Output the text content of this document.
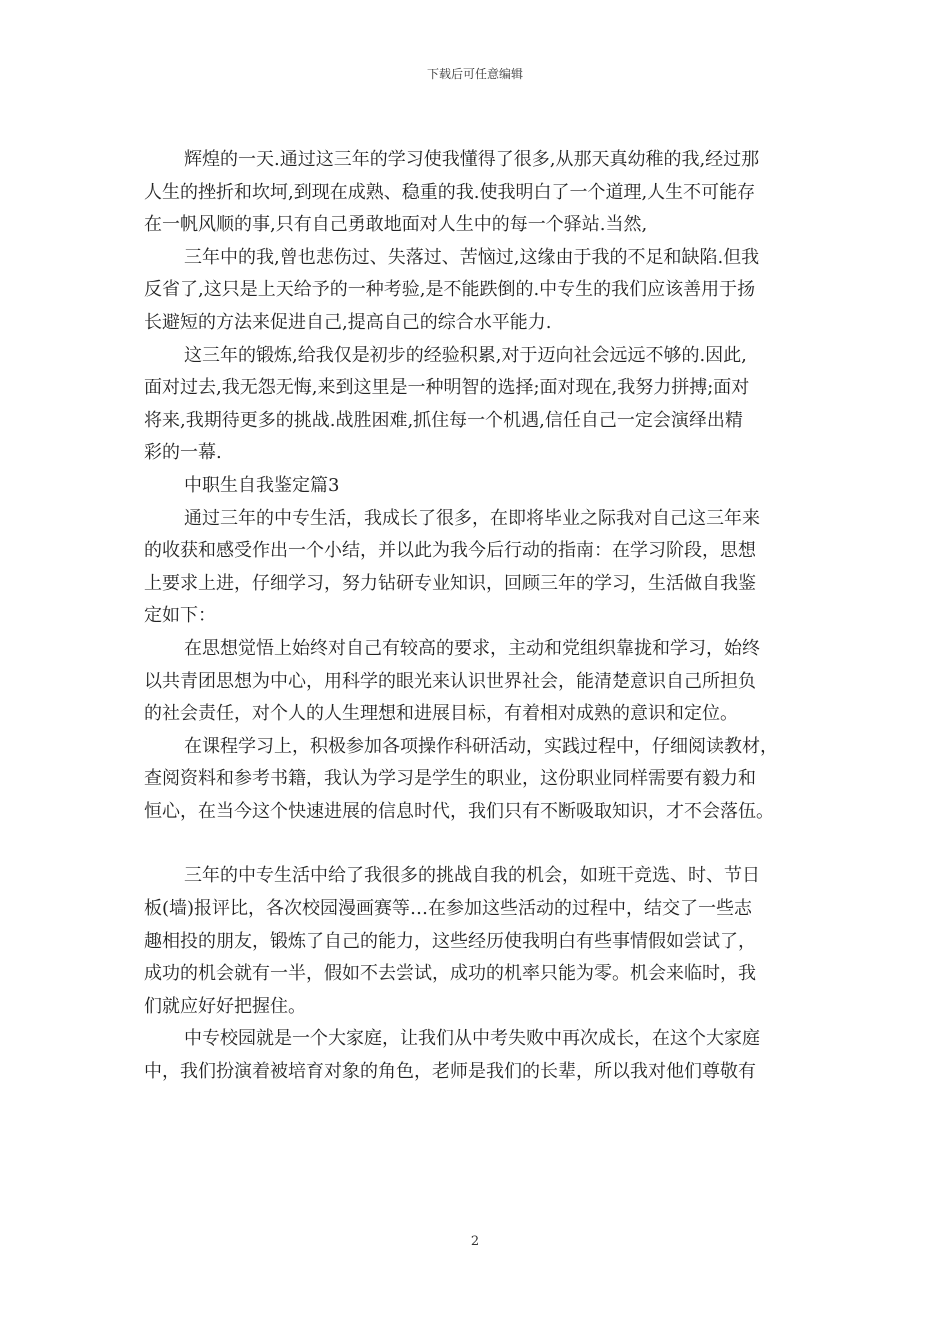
下载后可任意编辑

辉煌的一天.通过这三年的学习使我懂得了很多,从那天真幼稚的我,经过那
人生的挫折和坎坷,到现在成熟、稳重的我.使我明白了一个道理,人生不可能存
在一帆风顺的事,只有自己勇敢地面对人生中的每一个驿站.当然,

三年中的我,曾也悲伤过、失落过、苦恼过,这缘由于我的不足和缺陷.但我
反省了,这只是上天给予的一种考验,是不能跌倒的.中专生的我们应该善用于扬
长避短的方法来促进自己,提高自己的综合水平能力.

这三年的锻炼,给我仅是初步的经验积累,对于迈向社会远远不够的.因此,
面对过去,我无怨无悔,来到这里是一种明智的选择;面对现在,我努力拼搏;面对
将来,我期待更多的挑战.战胜困难,抓住每一个机遇,信任自己一定会演绎出精
彩的一幕.

中职生自我鉴定篇3

通过三年的中专生活，我成长了很多，在即将毕业之际我对自己这三年来
的收获和感受作出一个小结，并以此为我今后行动的指南：在学习阶段，思想
上要求上进，仔细学习，努力钻研专业知识，回顾三年的学习，生活做自我鉴
定如下：

在思想觉悟上始终对自己有较高的要求，主动和党组织靠拢和学习，始终
以共青团思想为中心，用科学的眼光来认识世界社会，能清楚意识自己所担负
的社会责任，对个人的人生理想和进展目标，有着相对成熟的意识和定位。

在课程学习上，积极参加各项操作科研活动，实践过程中，仔细阅读教材，
查阅资料和参考书籍，我认为学习是学生的职业，这份职业同样需要有毅力和
恒心，在当今这个快速进展的信息时代，我们只有不断吸取知识，才不会落伍。

三年的中专生活中给了我很多的挑战自我的机会，如班干竞选、时、节日
板(墙)报评比，各次校园漫画赛等…在参加这些活动的过程中，结交了一些志
趣相投的朋友，锻炼了自己的能力，这些经历使我明白有些事情假如尝试了，
成功的机会就有一半，假如不去尝试，成功的机率只能为零。机会来临时，我
们就应好好把握住。

中专校园就是一个大家庭，让我们从中考失败中再次成长，在这个大家庭
中，我们扮演着被培育对象的角色，老师是我们的长辈，所以我对他们尊敬有

2
